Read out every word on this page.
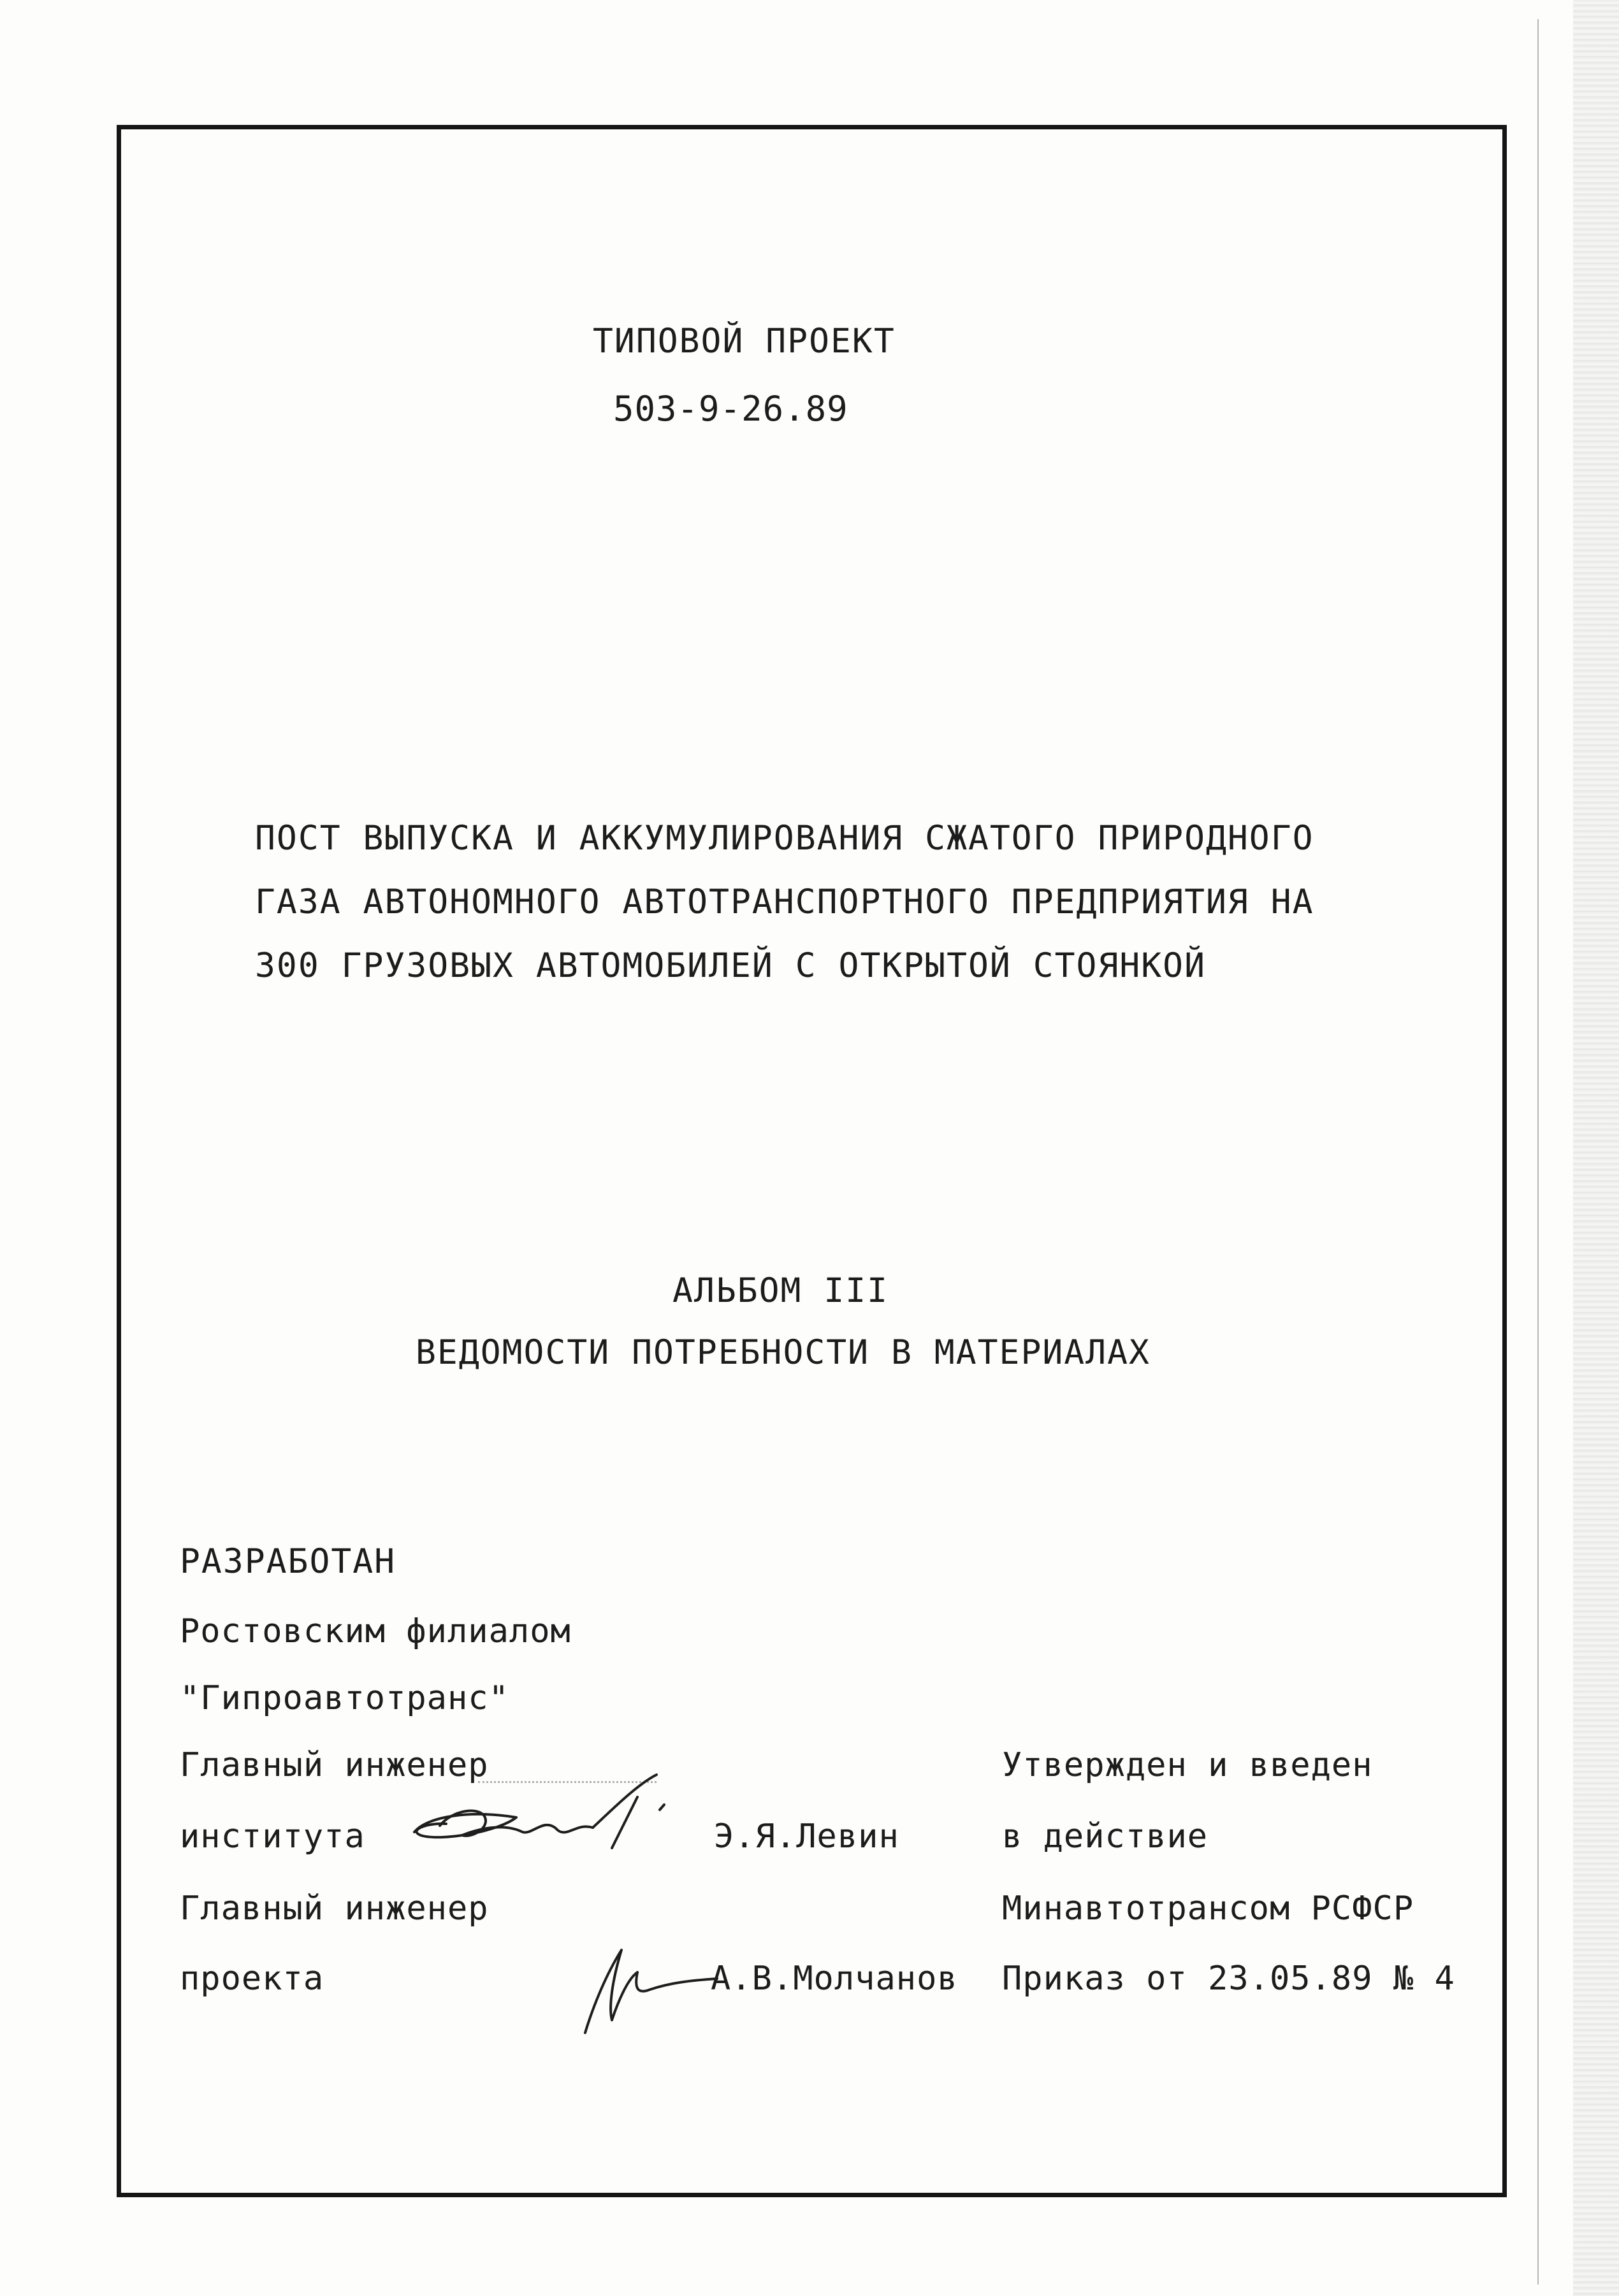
ТИПОВОЙ ПРОЕКТ
503-9-26.89
ПОСТ ВЫПУСКА И АККУМУЛИРОВАНИЯ СЖАТОГО ПРИРОДНОГО
ГАЗА АВТОНОМНОГО АВТОТРАНСПОРТНОГО ПРЕДПРИЯТИЯ НА
300 ГРУЗОВЫХ АВТОМОБИЛЕЙ С ОТКРЫТОЙ СТОЯНКОЙ
АЛЬБОМ III
ВЕДОМОСТИ ПОТРЕБНОСТИ В МАТЕРИАЛАХ
РАЗРАБОТАН
Ростовским филиалом
"Гипроавтотранс"
Главный инженер
института	Э.Я.Левин
Главный инженер
проекта	А.В.Молчанов
Утвержден и введен
в действие
Минавтотрансом РСФСР
Приказ от 23.05.89 № 4
